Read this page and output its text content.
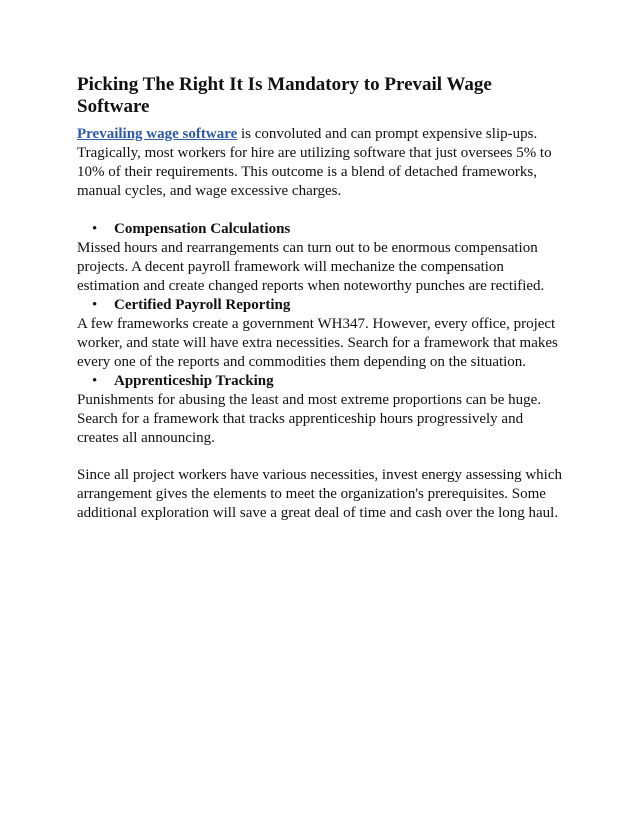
Picking The Right It Is Mandatory to Prevail Wage Software

Prevailing wage software is convoluted and can prompt expensive slip-ups. Tragically, most workers for hire are utilizing software that just oversees 5% to 10% of their requirements. This outcome is a blend of detached frameworks, manual cycles, and wage excessive charges.

• Compensation Calculations

Missed hours and rearrangements can turn out to be enormous compensation projects. A decent payroll framework will mechanize the compensation estimation and create changed reports when noteworthy punches are rectified.

• Certified Payroll Reporting

A few frameworks create a government WH347. However, every office, project worker, and state will have extra necessities. Search for a framework that makes every one of the reports and commodities them depending on the situation.

• Apprenticeship Tracking

Punishments for abusing the least and most extreme proportions can be huge. Search for a framework that tracks apprenticeship hours progressively and creates all announcing.

Since all project workers have various necessities, invest energy assessing which arrangement gives the elements to meet the organization's prerequisites. Some additional exploration will save a great deal of time and cash over the long haul.
